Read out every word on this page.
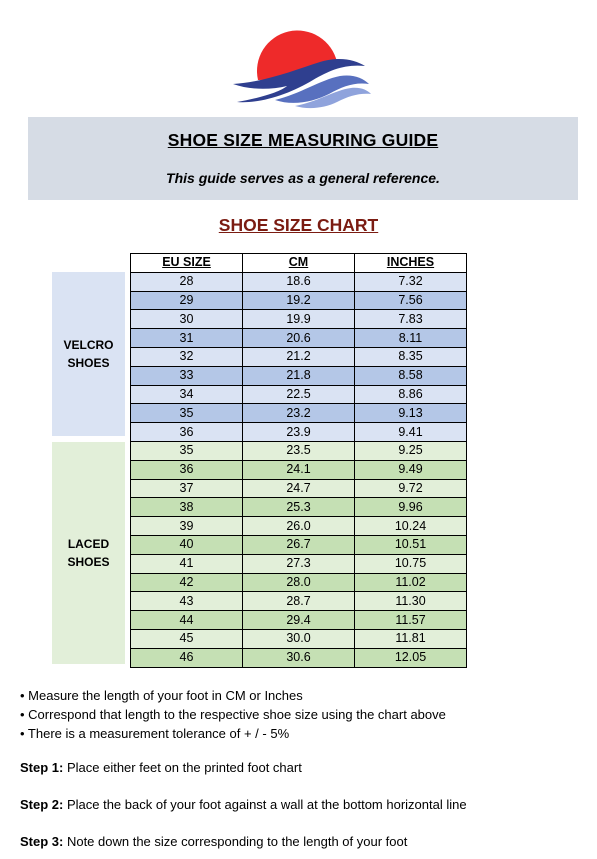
SHOE SIZE MEASURING GUIDE
This guide serves as a general reference.
SHOE SIZE CHART
VELCRO
SHOES
LACED
SHOES
EU SIZE	CM	INCHES
28	18.6	7.32
29	19.2	7.56
30	19.9	7.83
31	20.6	8.11
32	21.2	8.35
33	21.8	8.58
34	22.5	8.86
35	23.2	9.13
36	23.9	9.41
35	23.5	9.25
36	24.1	9.49
37	24.7	9.72
38	25.3	9.96
39	26.0	10.24
40	26.7	10.51
41	27.3	10.75
42	28.0	11.02
43	28.7	11.30
44	29.4	11.57
45	30.0	11.81
46	30.6	12.05
• Measure the length of your foot in CM or Inches
• Correspond that length to the respective shoe size using the chart above
• There is a measurement tolerance of + / - 5%
Step 1: Place either feet on the printed foot chart
Step 2: Place the back of your foot against a wall at the bottom horizontal line
Step 3: Note down the size corresponding to the length of your foot
